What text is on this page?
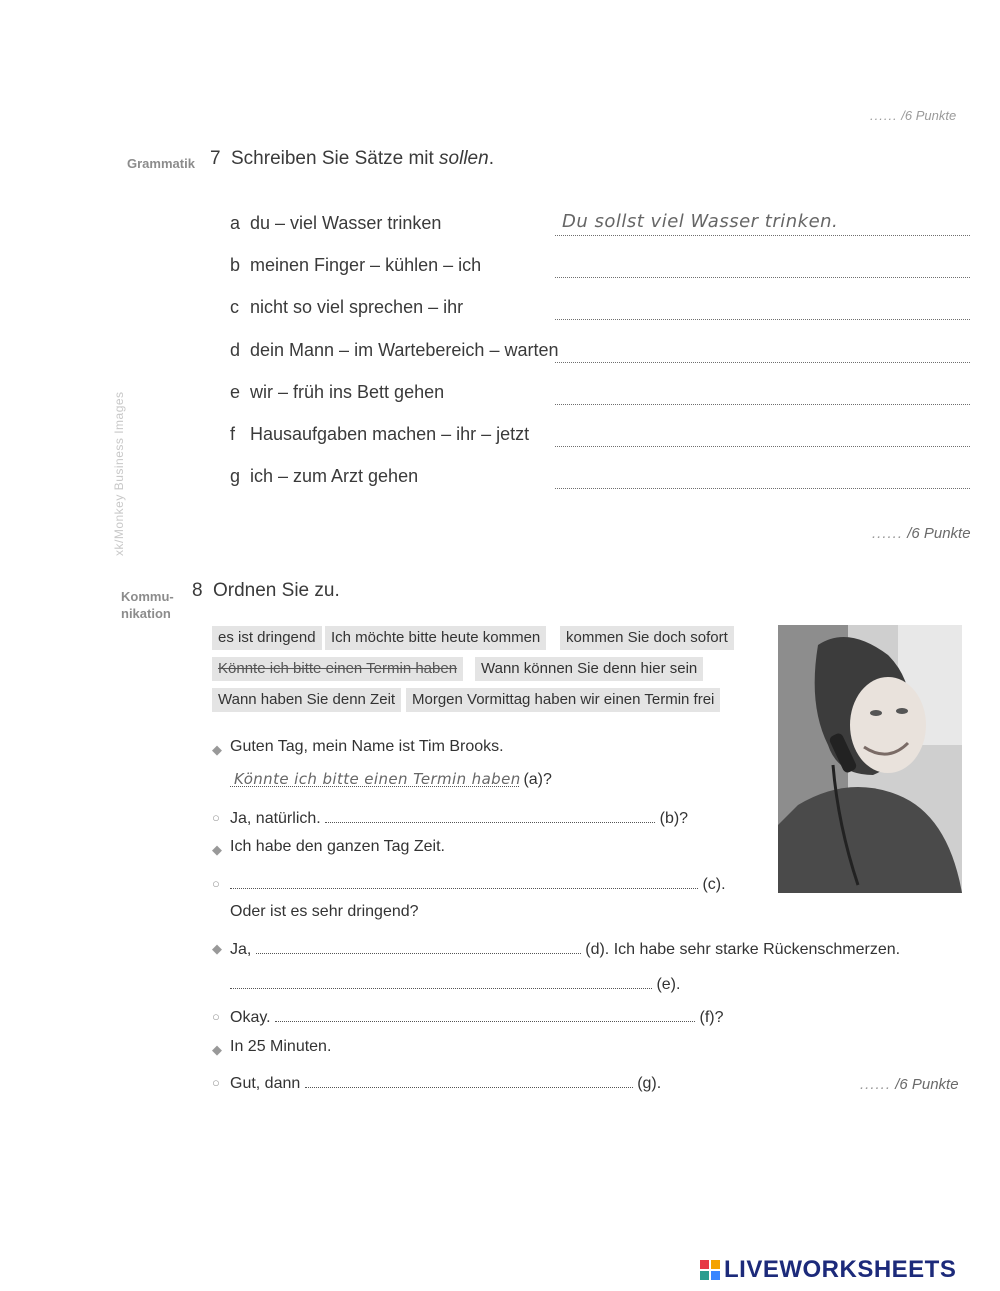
...... /6 Punkte
xk/Monkey Business Images
Grammatik 7 Schreiben Sie Sätze mit sollen.
a du – viel Wasser trinken	Du sollst viel Wasser trinken.
b meinen Finger – kühlen – ich
c nicht so viel sprechen – ihr
d dein Mann – im Wartebereich – warten
e wir – früh ins Bett gehen
f Hausaufgaben machen – ihr – jetzt
g ich – zum Arzt gehen
...... /6 Punkte
Kommu-
nikation
8 Ordnen Sie zu.
es ist dringend	Ich möchte bitte heute kommen	kommen Sie doch sofort
Könnte ich bitte einen Termin haben	Wann können Sie denn hier sein
Wann haben Sie denn Zeit	Morgen Vormittag haben wir einen Termin frei
◆ Guten Tag, mein Name ist Tim Brooks.
Könnte ich bitte einen Termin haben (a)?
○ Ja, natürlich.	(b)?
◆ Ich habe den ganzen Tag Zeit.
○	(c).
Oder ist es sehr dringend?
◆ Ja,	(d). Ich habe sehr starke Rückenschmerzen.
(e).
○ Okay.	(f)?
◆ In 25 Minuten.
○ Gut, dann	(g).	...... /6 Punkte
LIVEWORKSHEETS
